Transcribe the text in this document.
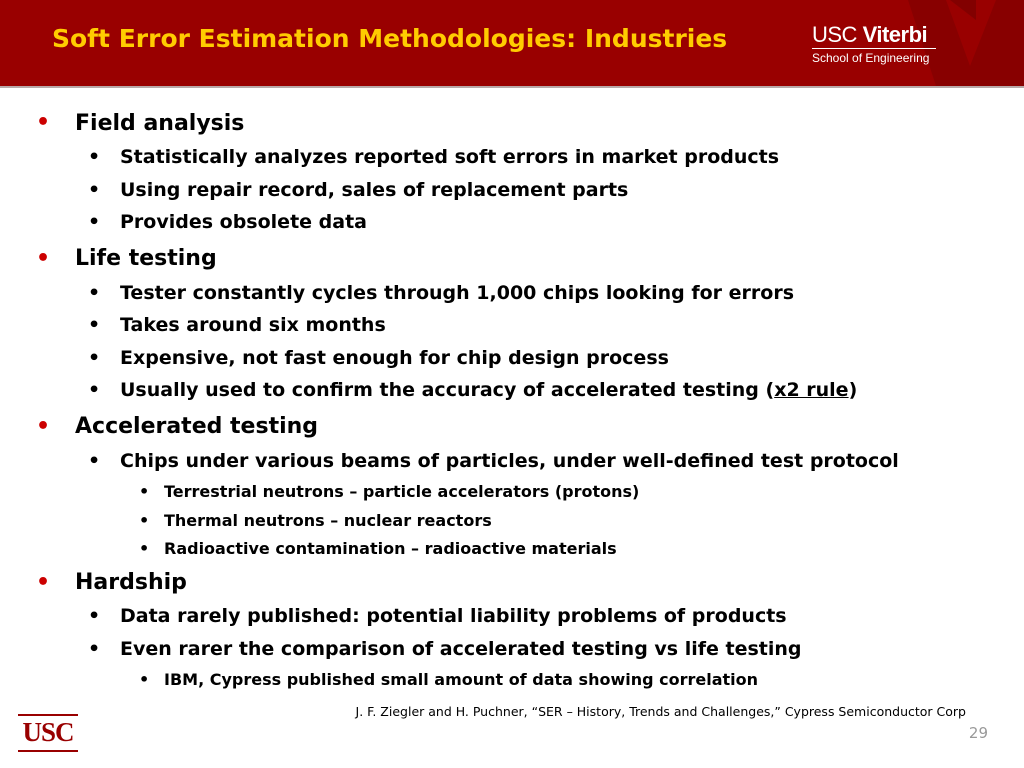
Soft Error Estimation Methodologies: Industries	USC Viterbi
School of Engineering
• Field analysis
• Statistically analyzes reported soft errors in market products
• Using repair record, sales of replacement parts
• Provides obsolete data
• Life testing
• Tester constantly cycles through 1,000 chips looking for errors
• Takes around six months
• Expensive, not fast enough for chip design process
• Usually used to confirm the accuracy of accelerated testing (x2 rule)
• Accelerated testing
• Chips under various beams of particles, under well-defined test protocol
• Terrestrial neutrons – particle accelerators (protons)
• Thermal neutrons – nuclear reactors
• Radioactive contamination – radioactive materials
• Hardship
• Data rarely published: potential liability problems of products
• Even rarer the comparison of accelerated testing vs life testing
• IBM, Cypress published small amount of data showing correlation
J. F. Ziegler and H. Puchner, “SER – History, Trends and Challenges,” Cypress Semiconductor Corp
29
USC
